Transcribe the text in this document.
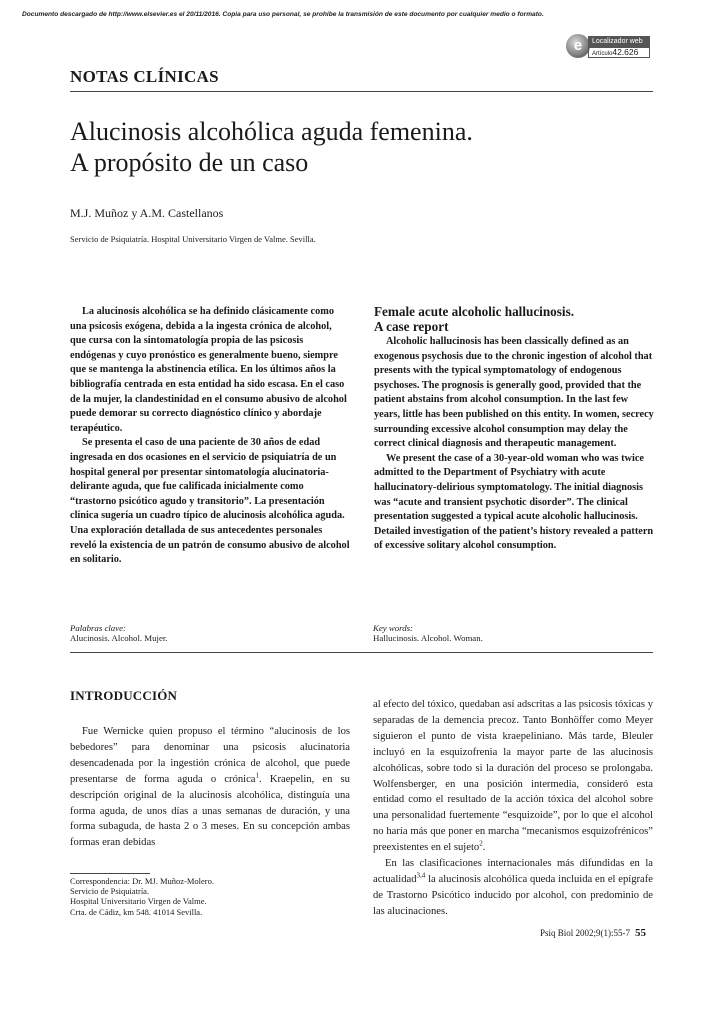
Documento descargado de http://www.elsevier.es el 20/11/2016. Copia para uso personal, se prohíbe la transmisión de este documento por cualquier medio o formato.
e	Localizador web
Artículo42.626
NOTAS CLÍNICAS
Alucinosis alcohólica aguda femenina.
A propósito de un caso
M.J. Muñoz y A.M. Castellanos
Servicio de Psiquiatría. Hospital Universitario Virgen de Valme. Sevilla.

La alucinosis alcohólica se ha definido clásicamente como una psicosis exógena, debida a la ingesta crónica de alcohol, que cursa con la sintomatología propia de las psicosis endógenas y cuyo pronóstico es generalmente bueno, siempre que se mantenga la abstinencia etílica. En los últimos años la bibliografía centrada en esta entidad ha sido escasa. En el caso de la mujer, la clandestinidad en el consumo abusivo de alcohol puede demorar su correcto diagnóstico clínico y abordaje terapéutico.

Se presenta el caso de una paciente de 30 años de edad ingresada en dos ocasiones en el servicio de psiquiatría de un hospital general por presentar sintomatología alucinatoria-delirante aguda, que fue calificada inicialmente como “trastorno psicótico agudo y transitorio”. La presentación clínica sugería un cuadro típico de alucinosis alcohólica aguda. Una exploración detallada de sus antecedentes personales reveló la existencia de un patrón de consumo abusivo de alcohol en solitario.

Female acute alcoholic hallucinosis.
A case report

Alcoholic hallucinosis has been classically defined as an exogenous psychosis due to the chronic ingestion of alcohol that presents with the typical symptomatology of endogenous psychoses. The prognosis is generally good, provided that the patient abstains from alcohol consumption. In the last few years, little has been published on this entity. In women, secrecy surrounding excessive alcohol consumption may delay the correct clinical diagnosis and therapeutic management.

We present the case of a 30-year-old woman who was twice admitted to the Department of Psychiatry with acute hallucinatory-delirious symptomatology. The initial diagnosis was “acute and transient psychotic disorder”. The clinical presentation suggested a typical acute alcoholic hallucinosis. Detailed investigation of the patient’s history revealed a pattern of excessive solitary alcohol consumption.

Palabras clave:
Alucinosis. Alcohol. Mujer.
Key words:
Hallucinosis. Alcohol. Woman.
INTRODUCCIÓN

Fue Wernicke quien propuso el término “alucinosis de los bebedores” para denominar una psicosis alucinatoria desencadenada por la ingestión crónica de alcohol, que puede presentarse de forma aguda o crónica$^1$. Kraepelin, en su descripción original de la alucinosis alcohólica, distinguía una forma aguda, de unos días a unas semanas de duración, y una forma subaguda, de hasta 2 o 3 meses. En su concepción ambas formas eran debidas

al efecto del tóxico, quedaban así adscritas a las psicosis tóxicas y separadas de la demencia precoz. Tanto Bonhöffer como Meyer siguieron el punto de vista kraepeliniano. Más tarde, Bleuler incluyó en la esquizofrenia la mayor parte de las alucinosis alcohólicas, sobre todo si la duración del proceso se prolongaba. Wolfensberger, en una posición intermedia, consideró esta entidad como el resultado de la acción tóxica del alcohol sobre una personalidad fuertemente “esquizoide”, por lo que el alcohol no haría más que poner en marcha “mecanismos esquizofrénicos” preexistentes en el sujeto$^2$.

En las clasificaciones internacionales más difundidas en la actualidad$^{3,4}$ la alucinosis alcohólica queda incluida en el epígrafe de Trastorno Psicótico inducido por alcohol, con predominio de las alucinaciones.

Correspondencia: Dr. MJ. Muñoz-Molero.
Servicio de Psiquiatría.
Hospital Universitario Virgen de Valme.
Crta. de Cádiz, km 548. 41014 Sevilla.
Psiq Biol 2002;9(1):55-7 55
